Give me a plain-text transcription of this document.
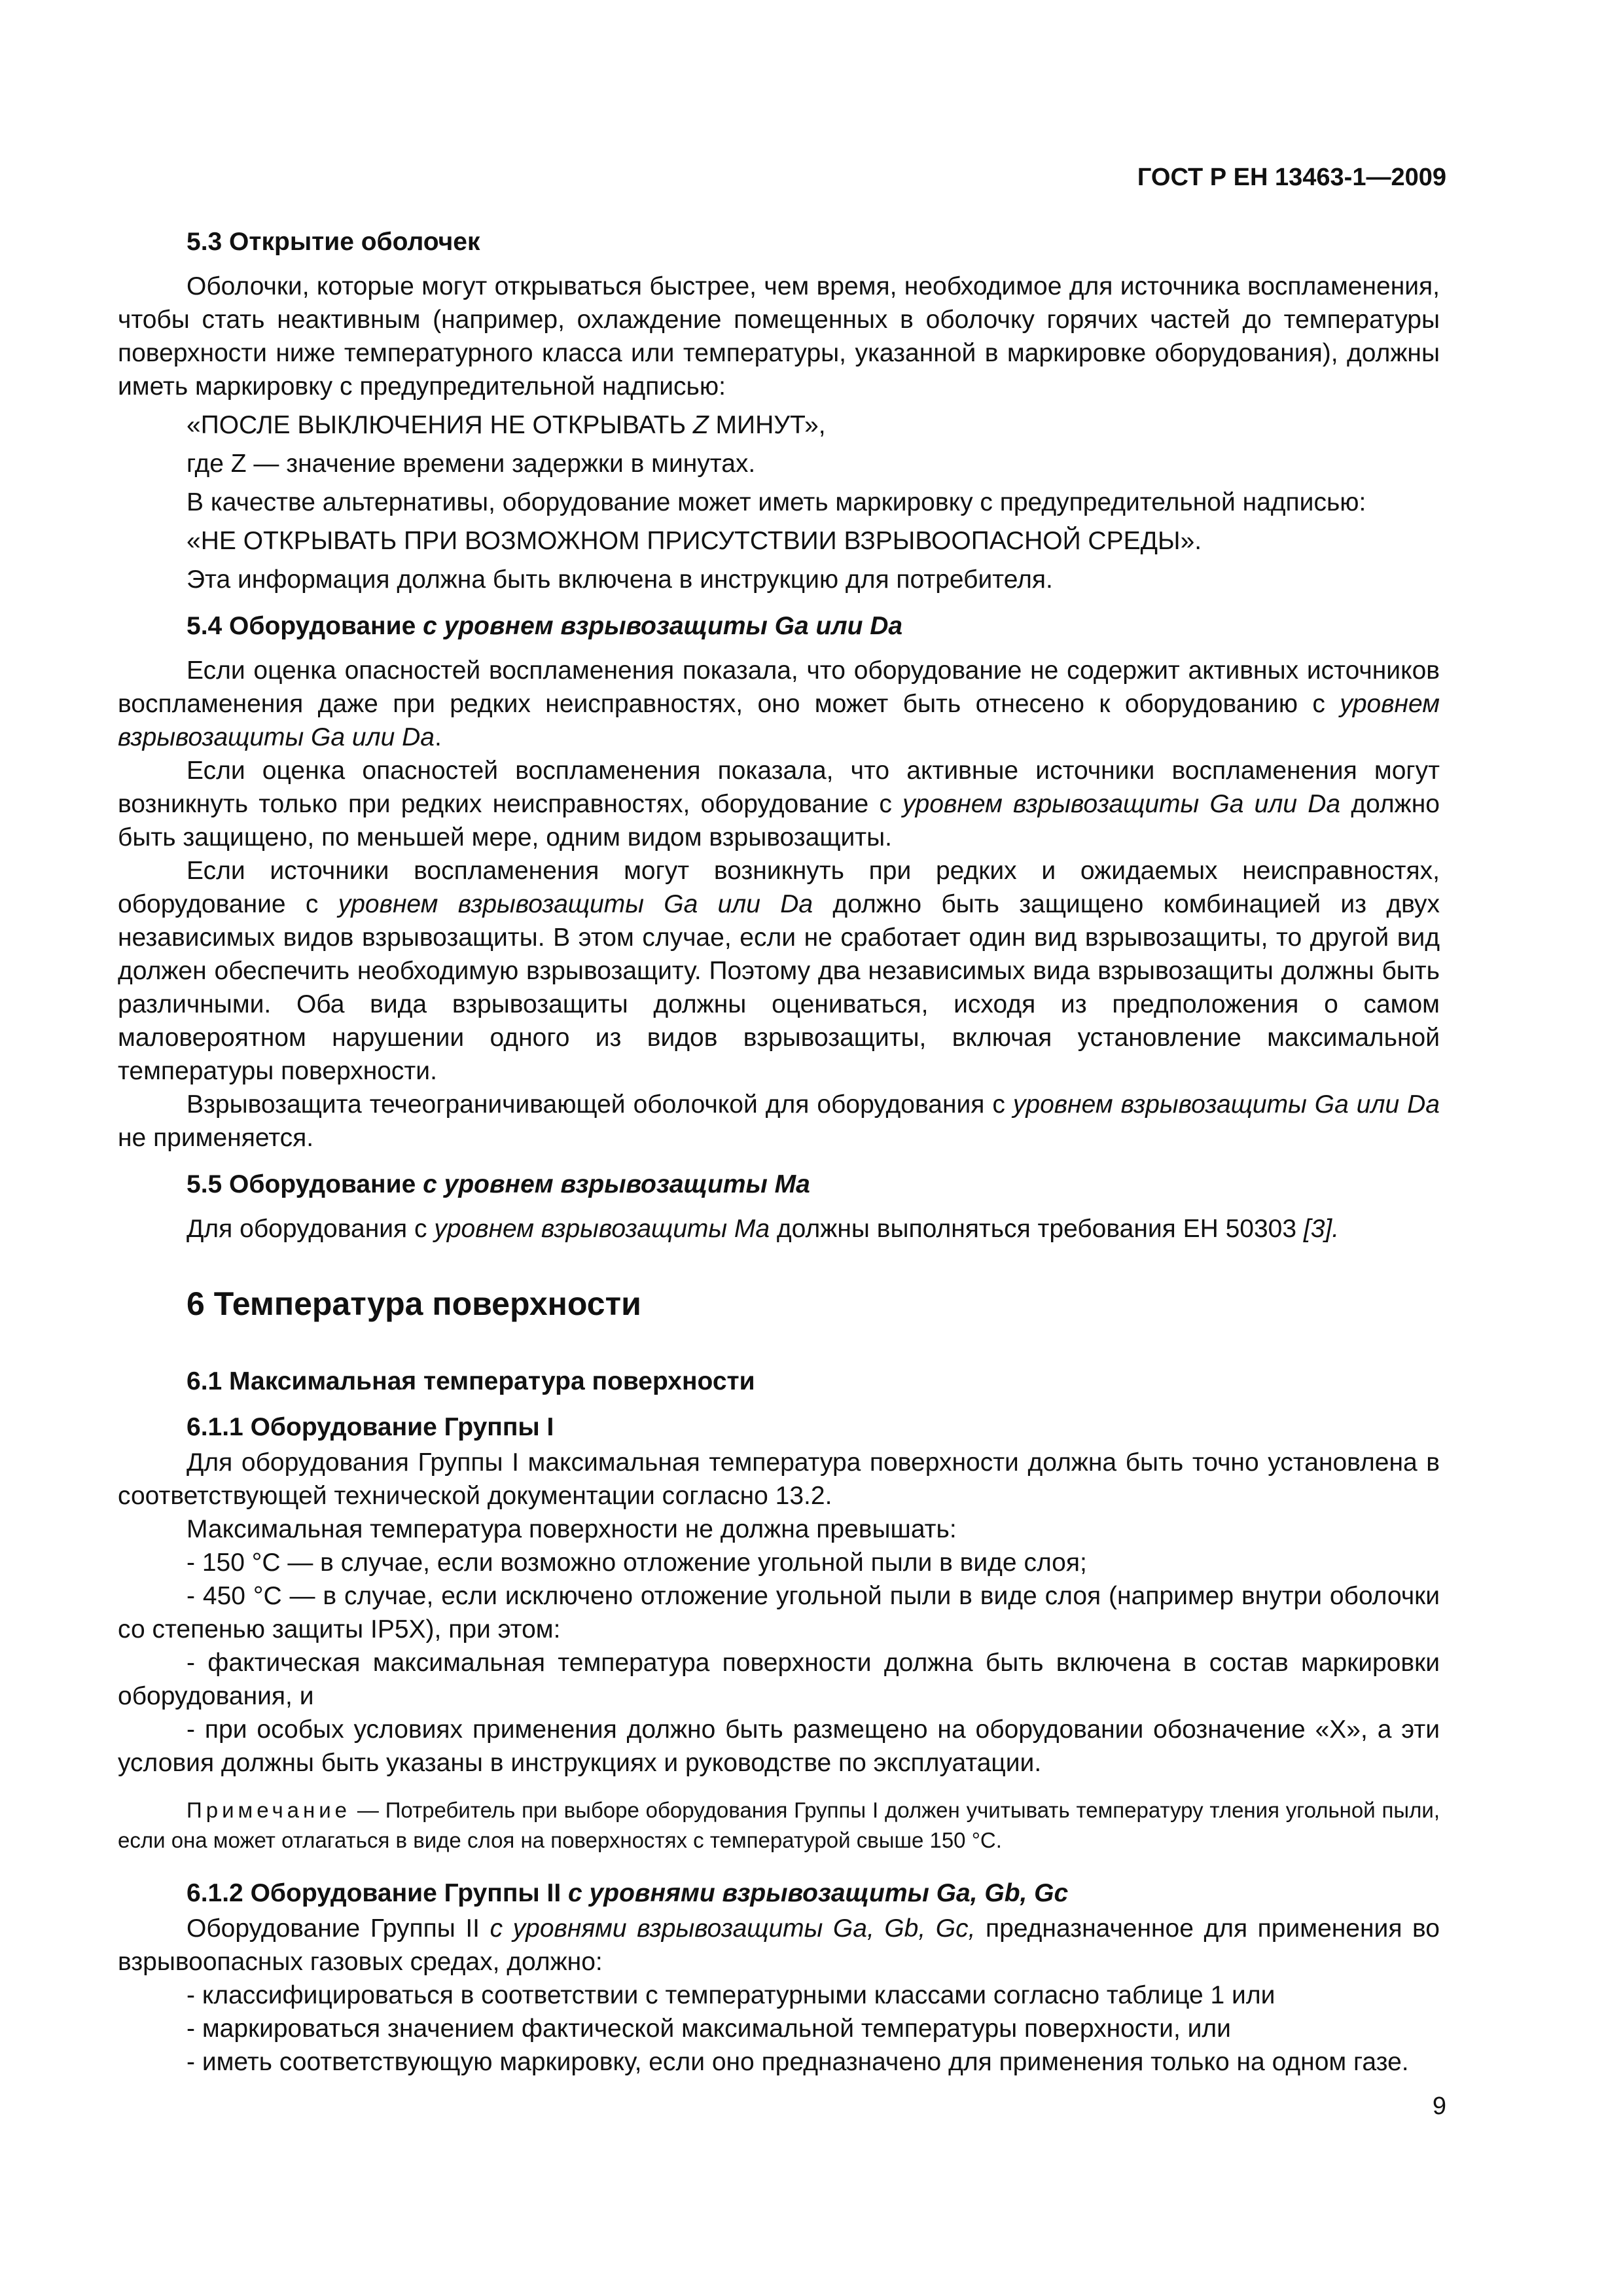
ГОСТ Р ЕН 13463-1—2009
5.3 Открытие оболочек

Оболочки, которые могут открываться быстрее, чем время, необходимое для источника воспламенения, чтобы стать неактивным (например, охлаждение помещенных в оболочку горячих частей до температуры поверхности ниже температурного класса или температуры, указанной в маркировке оборудования), должны иметь маркировку с предупредительной надписью:

«ПОСЛЕ ВЫКЛЮЧЕНИЯ НЕ ОТКРЫВАТЬ Z МИНУТ»,

где Z — значение времени задержки в минутах.

В качестве альтернативы, оборудование может иметь маркировку с предупредительной надписью:

«НЕ ОТКРЫВАТЬ ПРИ ВОЗМОЖНОМ ПРИСУТСТВИИ ВЗРЫВООПАСНОЙ СРЕДЫ».

Эта информация должна быть включена в инструкцию для потребителя.

5.4 Оборудование с уровнем взрывозащиты Ga или Da

Если оценка опасностей воспламенения показала, что оборудование не содержит активных источников воспламенения даже при редких неисправностях, оно может быть отнесено к оборудованию с уровнем взрывозащиты Ga или Da.

Если оценка опасностей воспламенения показала, что активные источники воспламенения могут возникнуть только при редких неисправностях, оборудование с уровнем взрывозащиты Ga или Da должно быть защищено, по меньшей мере, одним видом взрывозащиты.

Если источники воспламенения могут возникнуть при редких и ожидаемых неисправностях, оборудование с уровнем взрывозащиты Ga или Da должно быть защищено комбинацией из двух независимых видов взрывозащиты. В этом случае, если не сработает один вид взрывозащиты, то другой вид должен обеспечить необходимую взрывозащиту. Поэтому два независимых вида взрывозащиты должны быть различными. Оба вида взрывозащиты должны оцениваться, исходя из предположения о самом маловероятном нарушении одного из видов взрывозащиты, включая установление максимальной температуры поверхности.

Взрывозащита течеограничивающей оболочкой для оборудования с уровнем взрывозащиты Ga или Da не применяется.

5.5 Оборудование с уровнем взрывозащиты Ma

Для оборудования с уровнем взрывозащиты Ma должны выполняться требования ЕН 50303 [3].

6 Температура поверхности
6.1 Максимальная температура поверхности
6.1.1 Оборудование Группы I

Для оборудования Группы I максимальная температура поверхности должна быть точно установлена в соответствующей технической документации согласно 13.2.

Максимальная температура поверхности не должна превышать:

- 150 °С — в случае, если возможно отложение угольной пыли в виде слоя;

- 450 °С — в случае, если исключено отложение угольной пыли в виде слоя (например внутри оболочки со степенью защиты IP5X), при этом:

- фактическая максимальная температура поверхности должна быть включена в состав маркировки оборудования, и

- при особых условиях применения должно быть размещено на оборудовании обозначение «X», а эти условия должны быть указаны в инструкциях и руководстве по эксплуатации.

Примечание — Потребитель при выборе оборудования Группы I должен учитывать температуру тления угольной пыли, если она может отлагаться в виде слоя на поверхностях с температурой свыше 150 °С.

6.1.2 Оборудование Группы II с уровнями взрывозащиты Ga, Gb, Gc

Оборудование Группы II с уровнями взрывозащиты Ga, Gb, Gc, предназначенное для применения во взрывоопасных газовых средах, должно:

- классифицироваться в соответствии с температурными классами согласно таблице 1 или

- маркироваться значением фактической максимальной температуры поверхности, или

- иметь соответствующую маркировку, если оно предназначено для применения только на одном газе.

9
